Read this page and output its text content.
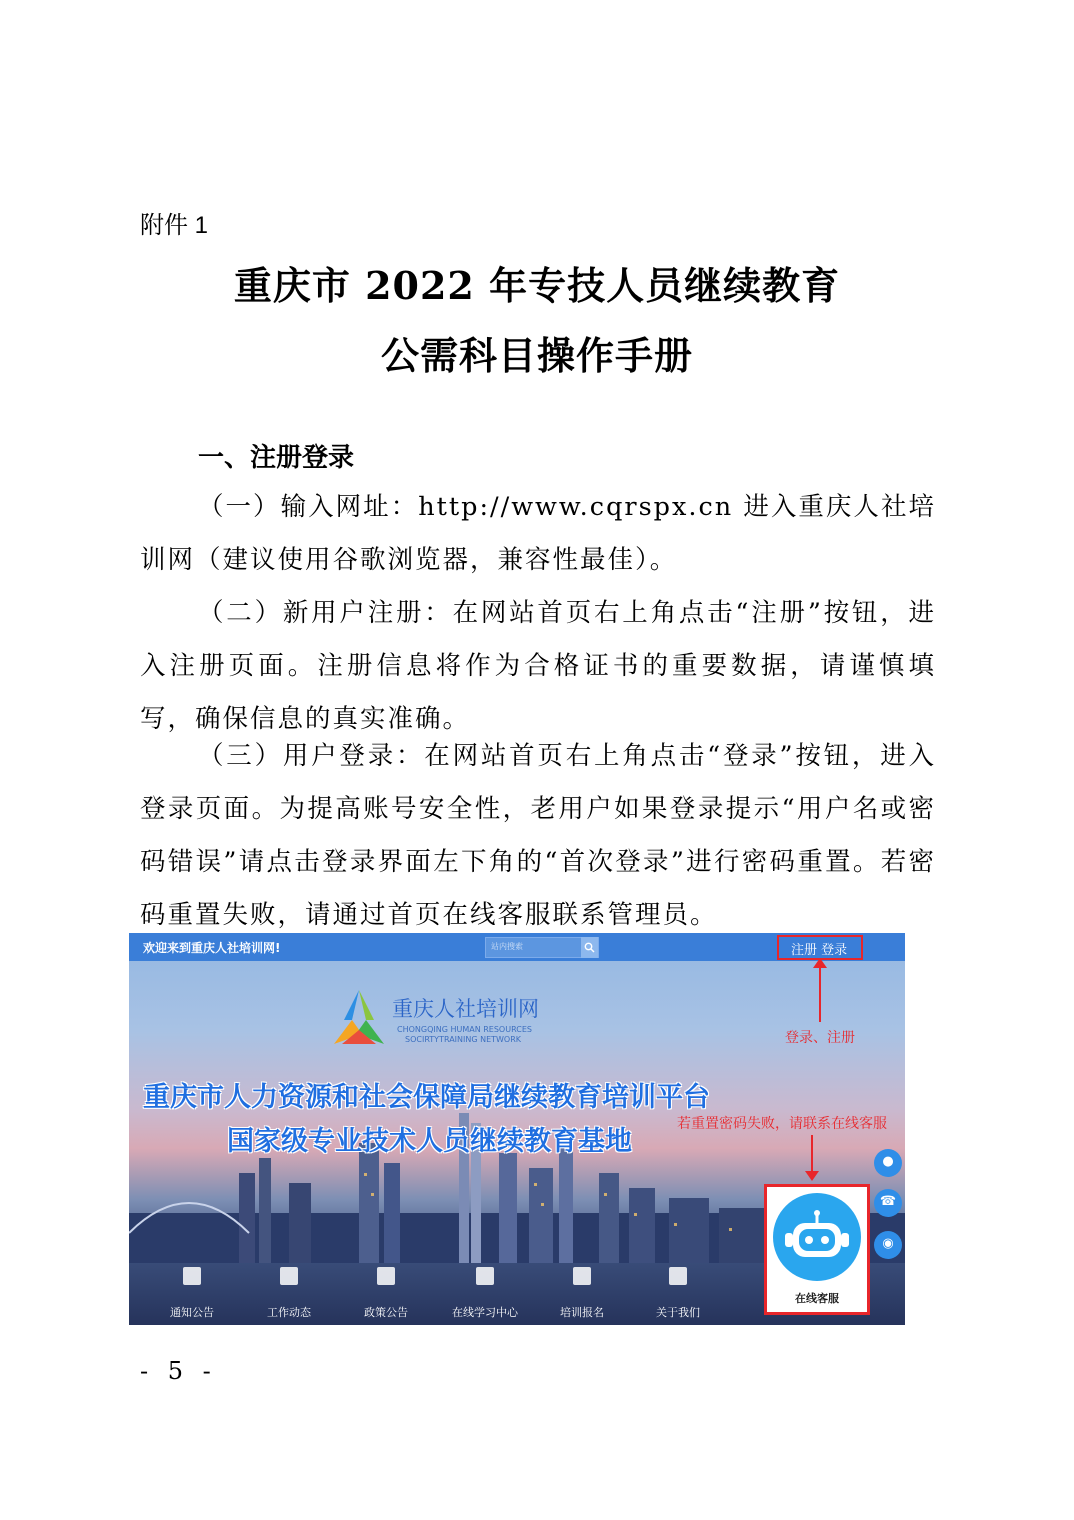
附件 1
重庆市 2022 年专技人员继续教育
公需科目操作手册
一、注册登录
（一）输入网址：http://www.cqrspx.cn 进入重庆人社培训网（建议使用谷歌浏览器，兼容性最佳）。
（二）新用户注册：在网站首页右上角点击“注册”按钮，进入注册页面。注册信息将作为合格证书的重要数据，请谨慎填写，确保信息的真实准确。
（三）用户登录：在网站首页右上角点击“登录”按钮，进入登录页面。为提高账号安全性，老用户如果登录提示“用户名或密码错误”请点击登录界面左下角的“首次登录”进行密码重置。若密码重置失败，请通过首页在线客服联系管理员。
欢迎来到重庆人社培训网!	站内搜索	注册 登录
登录、注册
重庆人社培训网
CHONGQING HUMAN RESOURCES
SOCIRTYTRAINING NETWORK
重庆市人力资源和社会保障局继续教育培训平台
国家级专业技术人员继续教育基地
若重置密码失败，请联系在线客服
通知公告	工作动态	政策公告	在线学习中心	培训报名	关于我们
在线客服
●
☎
◉
- 5 -
